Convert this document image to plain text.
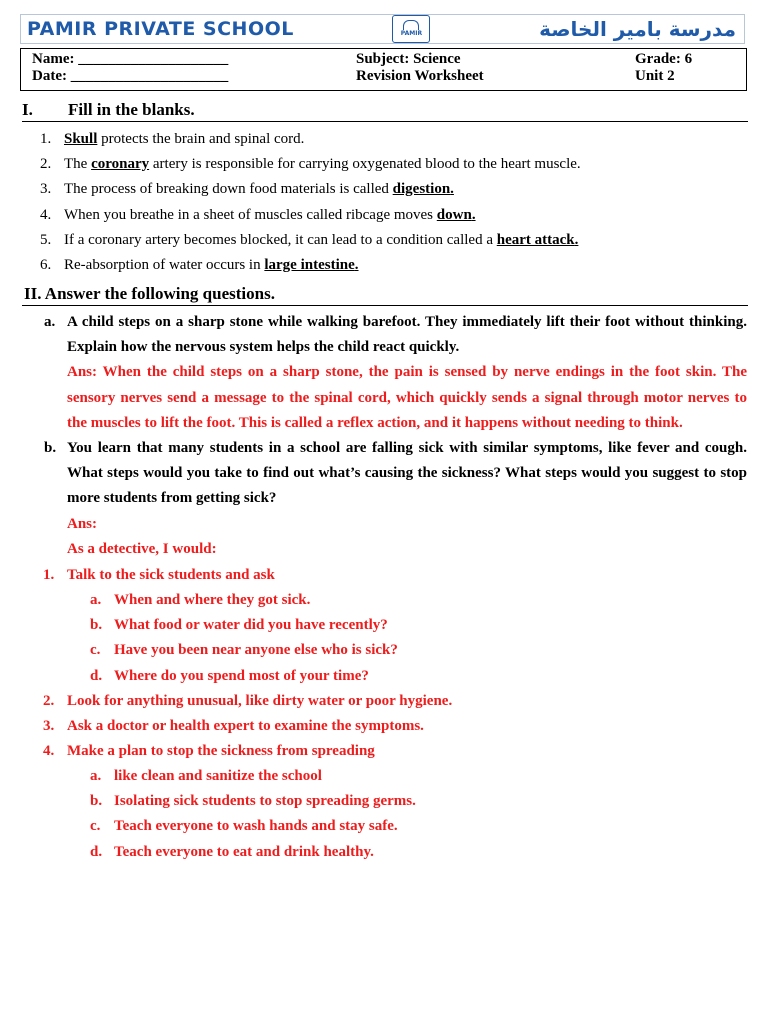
PAMIR PRIVATE SCHOOL	PAMIR	مدرسة بامير الخاصة
Name: ____________________
Date: _____________________
Subject: Science
Revision Worksheet
Grade: 6
Unit 2
I. Fill in the blanks.
1. Skull protects the brain and spinal cord.
2. The coronary artery is responsible for carrying oxygenated blood to the heart muscle.
3. The process of breaking down food materials is called digestion.
4. When you breathe in a sheet of muscles called ribcage moves down.
5. If a coronary artery becomes blocked, it can lead to a condition called a heart attack.
6. Re-absorption of water occurs in large intestine.
II. Answer the following questions.
a. A child steps on a sharp stone while walking barefoot. They immediately lift their foot without thinking. Explain how the nervous system helps the child react quickly.
Ans: When the child steps on a sharp stone, the pain is sensed by nerve endings in the foot skin. The sensory nerves send a message to the spinal cord, which quickly sends a signal through motor nerves to the muscles to lift the foot. This is called a reflex action, and it happens without needing to think.
b. You learn that many students in a school are falling sick with similar symptoms, like fever and cough. What steps would you take to find out what’s causing the sickness? What steps would you suggest to stop more students from getting sick?
Ans:
As a detective, I would:
1. Talk to the sick students and ask
a. When and where they got sick.
b. What food or water did you have recently?
c. Have you been near anyone else who is sick?
d. Where do you spend most of your time?
2. Look for anything unusual, like dirty water or poor hygiene.
3. Ask a doctor or health expert to examine the symptoms.
4. Make a plan to stop the sickness from spreading
a. like clean and sanitize the school
b. Isolating sick students to stop spreading germs.
c. Teach everyone to wash hands and stay safe.
d. Teach everyone to eat and drink healthy.
